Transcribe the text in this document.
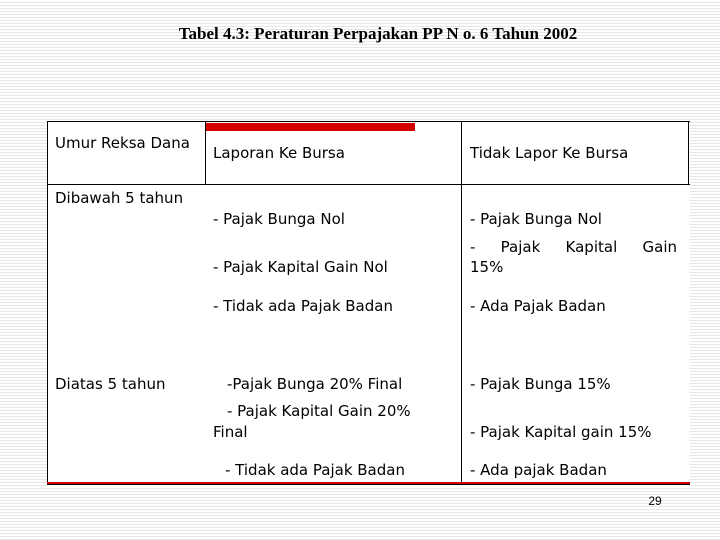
Tabel 4.3: Peraturan Perpajakan PP N o. 6 Tahun 2002
Umur Reksa Dana
Laporan Ke Bursa	Tidak Lapor Ke Bursa
Dibawah 5 tahun
- Pajak Bunga Nol
- Pajak Kapital Gain Nol
- Tidak ada Pajak Badan
- Pajak Bunga Nol
- Pajak Kapital Gain
15%
- Ada Pajak Badan
Diatas 5 tahun	-Pajak Bunga 20% Final
- Pajak Kapital Gain 20%
Final
- Tidak ada Pajak Badan
- Pajak Bunga 15%
- Pajak Kapital gain 15%
- Ada pajak Badan
29
